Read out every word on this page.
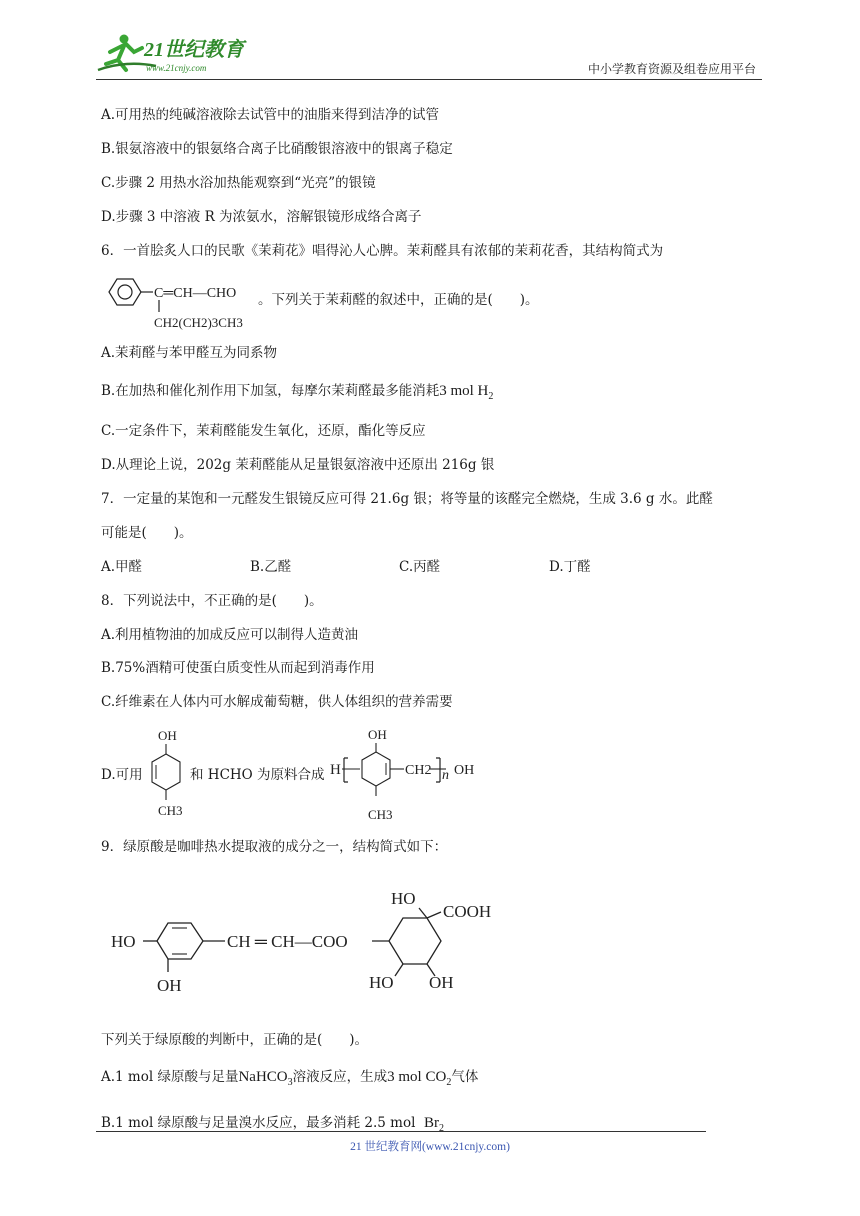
21世纪教育
www.21cnjy.com	中小学教育资源及组卷应用平台
A.可用热的纯碱溶液除去试管中的油脂来得到洁净的试管
B.银氨溶液中的银氨络合离子比硝酸银溶液中的银离子稳定
C.步骤 2 用热水浴加热能观察到“光亮”的银镜
D.步骤 3 中溶液 R 为浓氨水，溶解银镜形成络合离子
6．一首脍炙人口的民歌《茉莉花》唱得沁人心脾。茉莉醛具有浓郁的茉莉花香，其结构简式为
C═CH—CHO
CH2(CH2)3CH3
。下列关于茉莉醛的叙述中，正确的是(　　)。
A.茉莉醛与苯甲醛互为同系物
B.在加热和催化剂作用下加氢，每摩尔茉莉醛最多能消耗3 mol $H_2$
C.一定条件下，茉莉醛能发生氧化，还原，酯化等反应
D.从理论上说，202g 茉莉醛能从足量银氨溶液中还原出 216g 银
7．一定量的某饱和一元醛发生银镜反应可得 21.6g 银；将等量的该醛完全燃烧，生成 3.6 g 水。此醛
可能是(　　)。
A.甲醛	B.乙醛	C.丙醛	D.丁醛
8．下列说法中，不正确的是(　　)。
A.利用植物油的加成反应可以制得人造黄油
B.75%酒精可使蛋白质变性从而起到消毒作用
C.纤维素在人体内可水解成葡萄糖，供人体组织的营养需要
D.可用
OH
CH3
和 HCHO 为原料合成 H
OH
CH2 n OH
CH3
9．绿原酸是咖啡热水提取液的成分之一，结构简式如下：
HO
OH
CH ═ CH—COO
HO
COOH
HO OH
下列关于绿原酸的判断中，正确的是(　　)。
A.1 mol 绿原酸与足量NaHCO$_3$溶液反应，生成3 mol $CO_2$气体
B.1 mol 绿原酸与足量溴水反应，最多消耗 2.5 mol $Br_2$
21 世纪教育网(www.21cnjy.com)
